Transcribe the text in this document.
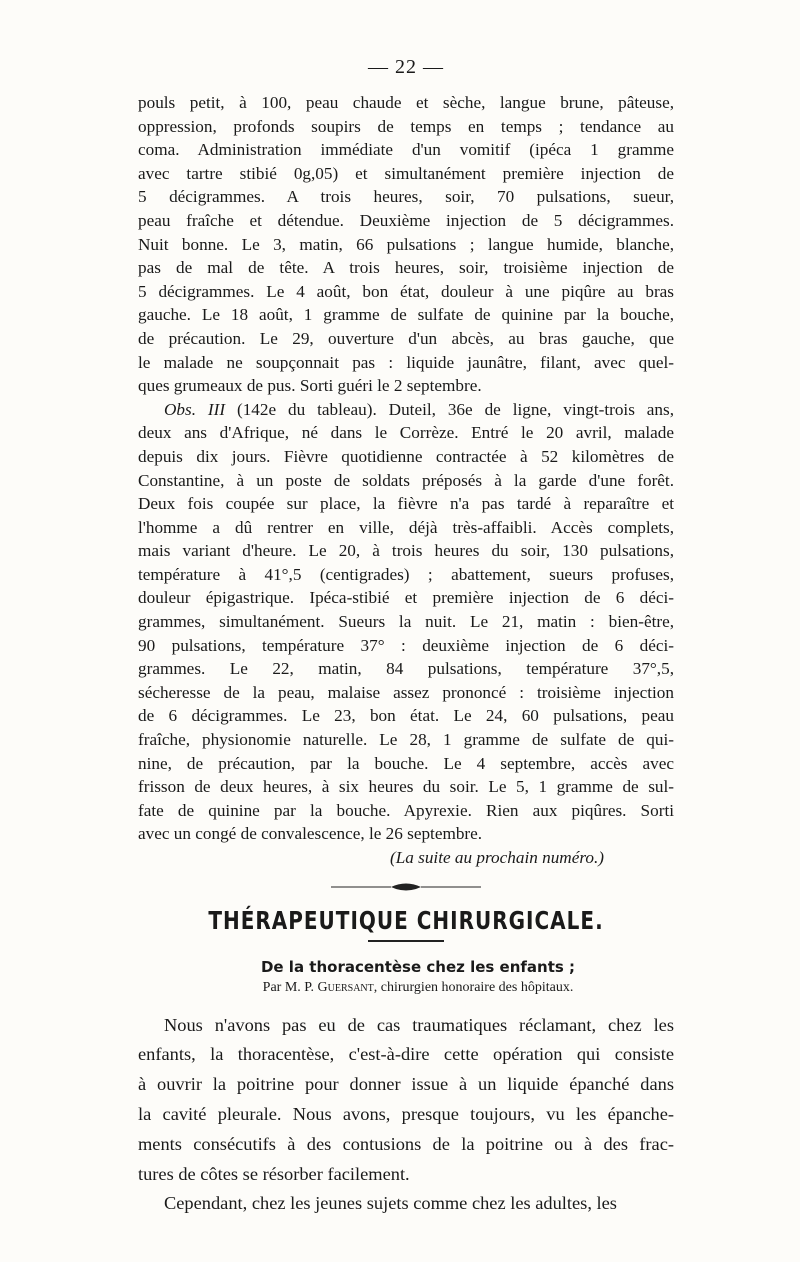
— 22 —
pouls petit, à 100, peau chaude et sèche, langue brune, pâteuse,
oppression, profonds soupirs de temps en temps ; tendance au
coma. Administration immédiate d'un vomitif (ipéca 1 gramme
avec tartre stibié 0g,05) et simultanément première injection de
5 décigrammes. A trois heures, soir, 70 pulsations, sueur,
peau fraîche et détendue. Deuxième injection de 5 décigrammes.
Nuit bonne. Le 3, matin, 66 pulsations ; langue humide, blanche,
pas de mal de tête. A trois heures, soir, troisième injection de
5 décigrammes. Le 4 août, bon état, douleur à une piqûre au bras
gauche. Le 18 août, 1 gramme de sulfate de quinine par la bouche,
de précaution. Le 29, ouverture d'un abcès, au bras gauche, que
le malade ne soupçonnait pas : liquide jaunâtre, filant, avec quel-
ques grumeaux de pus. Sorti guéri le 2 septembre.
Obs. III (142e du tableau). Duteil, 36e de ligne, vingt-trois ans,
deux ans d'Afrique, né dans le Corrèze. Entré le 20 avril, malade
depuis dix jours. Fièvre quotidienne contractée à 52 kilomètres de
Constantine, à un poste de soldats préposés à la garde d'une forêt.
Deux fois coupée sur place, la fièvre n'a pas tardé à reparaître et
l'homme a dû rentrer en ville, déjà très-affaibli. Accès complets,
mais variant d'heure. Le 20, à trois heures du soir, 130 pulsations,
température à 41°,5 (centigrades) ; abattement, sueurs profuses,
douleur épigastrique. Ipéca-stibié et première injection de 6 déci-
grammes, simultanément. Sueurs la nuit. Le 21, matin : bien-être,
90 pulsations, température 37° : deuxième injection de 6 déci-
grammes. Le 22, matin, 84 pulsations, température 37°,5,
sécheresse de la peau, malaise assez prononcé : troisième injection
de 6 décigrammes. Le 23, bon état. Le 24, 60 pulsations, peau
fraîche, physionomie naturelle. Le 28, 1 gramme de sulfate de qui-
nine, de précaution, par la bouche. Le 4 septembre, accès avec
frisson de deux heures, à six heures du soir. Le 5, 1 gramme de sul-
fate de quinine par la bouche. Apyrexie. Rien aux piqûres. Sorti
avec un congé de convalescence, le 26 septembre.
(La suite au prochain numéro.)
THÉRAPEUTIQUE CHIRURGICALE.
De la thoracentèse chez les enfants ;
Par M. P. Guersant, chirurgien honoraire des hôpitaux.
Nous n'avons pas eu de cas traumatiques réclamant, chez les
enfants, la thoracentèse, c'est-à-dire cette opération qui consiste
à ouvrir la poitrine pour donner issue à un liquide épanché dans
la cavité pleurale. Nous avons, presque toujours, vu les épanche-
ments consécutifs à des contusions de la poitrine ou à des frac-
tures de côtes se résorber facilement.
Cependant, chez les jeunes sujets comme chez les adultes, les
